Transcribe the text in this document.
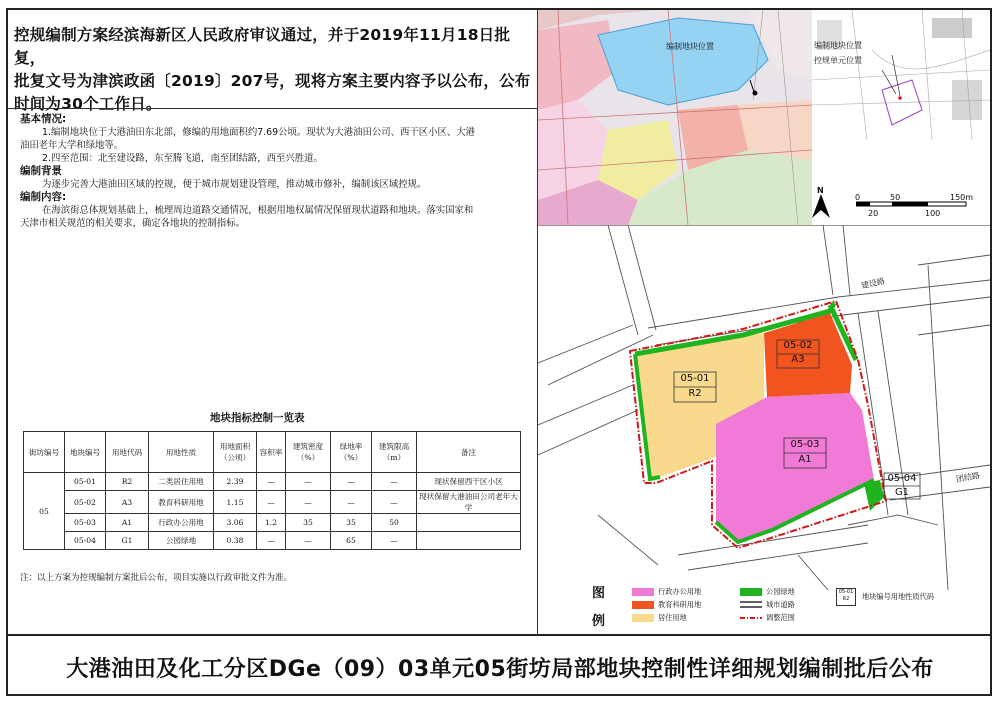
控规编制方案经滨海新区人民政府审议通过，并于2019年11月18日批复，
批复文号为津滨政函〔2019〕207号，现将方案主要内容予以公布，公布
时间为30个工作日。
基本情况:
1.编制地块位于大港油田东北部，修编的用地面积约7.69公顷。现状为大港油田公司、西干区小区、大港
油田老年大学和绿地等。
2.四至范围：北至建设路，东至腾飞道，南至团结路，西至兴胜道。
编制背景
为逐步完善大港油田区域的控规，便于城市规划建设管理，推动城市修补，编制该区域控规。
编制内容:
在海滨街总体规划基础上，梳理周边道路交通情况，根据用地权属情况保留现状道路和地块。落实国家和
天津市相关规范的相关要求，确定各地块的控制指标。
地块指标控制一览表
街坊编号	地块编号	用地代码	用地性质	用地面积（公顷）	容积率	建筑密度（%）	绿地率（%）	建筑限高（m）	备注
05	05-01	R2	二类居住用地	2.39	—	—	—	—	现状保留西干区小区
	05-02	A3	教育科研用地	1.15	—	—	—	—	现状保留大港油田公司老年大学
	05-03	A1	行政办公用地	3.06	1.2	35	35	50	
	05-04	G1	公园绿地	0.38	—	—	65	—	
注：以上方案为控规编制方案批后公布，项目实施以行政审批文件为准。
编制地块位置	编制地块位置
控规单元位置
N
0	50	150m
20	100
05-01
R2
05-02
A3
05-03
A1
05-04
G1
建设路
团结路
图
例
行政办公用地
教育科研用地
居住用地
公园绿地
城市道路
调整范围
05-01
R2	地块编号用地性质代码
大港油田及化工分区DGe（09）03单元05街坊局部地块控制性详细规划编制批后公布
